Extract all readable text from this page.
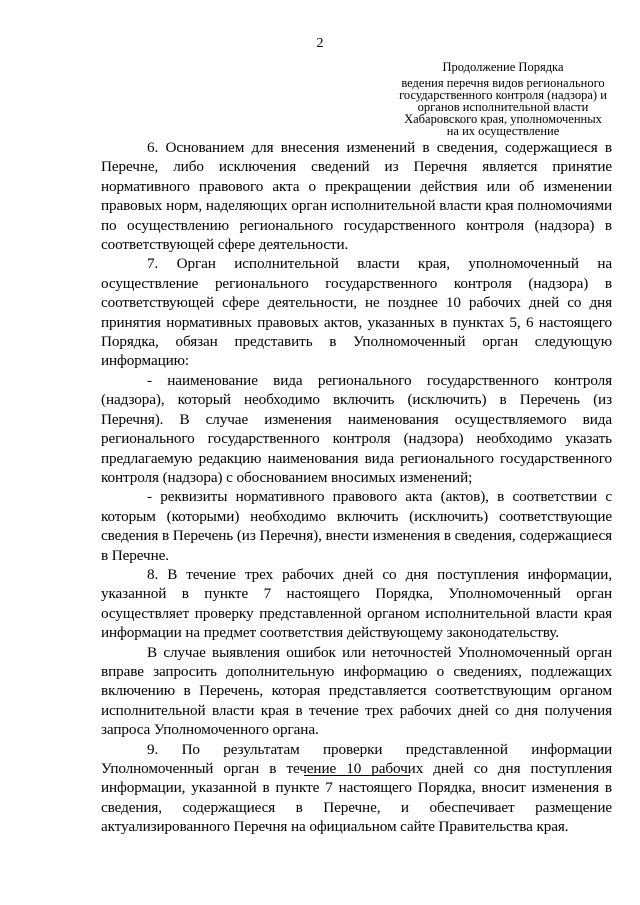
2
Продолжение Порядка
ведения перечня видов регионального
государственного контроля (надзора) и
органов исполнительной власти
Хабаровского края, уполномоченных
на их осуществление

6. Основанием для внесения изменений в сведения, содержащиеся в Перечне, либо исключения сведений из Перечня является принятие нормативного правового акта о прекращении действия или об изменении правовых норм, наделяющих орган исполнительной власти края полномочиями по осуществлению регионального государственного контроля (надзора) в соответствующей сфере деятельности.

7. Орган исполнительной власти края, уполномоченный на осуществление регионального государственного контроля (надзора) в соответствующей сфере деятельности, не позднее 10 рабочих дней со дня принятия нормативных правовых актов, указанных в пунктах 5, 6 настоящего Порядка, обязан представить в Уполномоченный орган следующую информацию:

- наименование вида регионального государственного контроля (надзора), который необходимо включить (исключить) в Перечень (из Перечня). В случае изменения наименования осуществляемого вида регионального государственного контроля (надзора) необходимо указать предлагаемую редакцию наименования вида регионального государственного контроля (надзора) с обоснованием вносимых изменений;

- реквизиты нормативного правового акта (актов), в соответствии с которым (которыми) необходимо включить (исключить) соответствующие сведения в Перечень (из Перечня), внести изменения в сведения, содержащиеся в Перечне.

8. В течение трех рабочих дней со дня поступления информации, указанной в пункте 7 настоящего Порядка, Уполномоченный орган осуществляет проверку представленной органом исполнительной власти края информации на предмет соответствия действующему законодательству.

В случае выявления ошибок или неточностей Уполномоченный орган вправе запросить дополнительную информацию о сведениях, подлежащих включению в Перечень, которая представляется соответствующим органом исполнительной власти края в течение трех рабочих дней со дня получения запроса Уполномоченного органа.

9. По результатам проверки представленной информации Уполномоченный орган в течение 10 рабочих дней со дня поступления информации, указанной в пункте 7 настоящего Порядка, вносит изменения в сведения, содержащиеся в Перечне, и обеспечивает размещение актуализированного Перечня на официальном сайте Правительства края.
